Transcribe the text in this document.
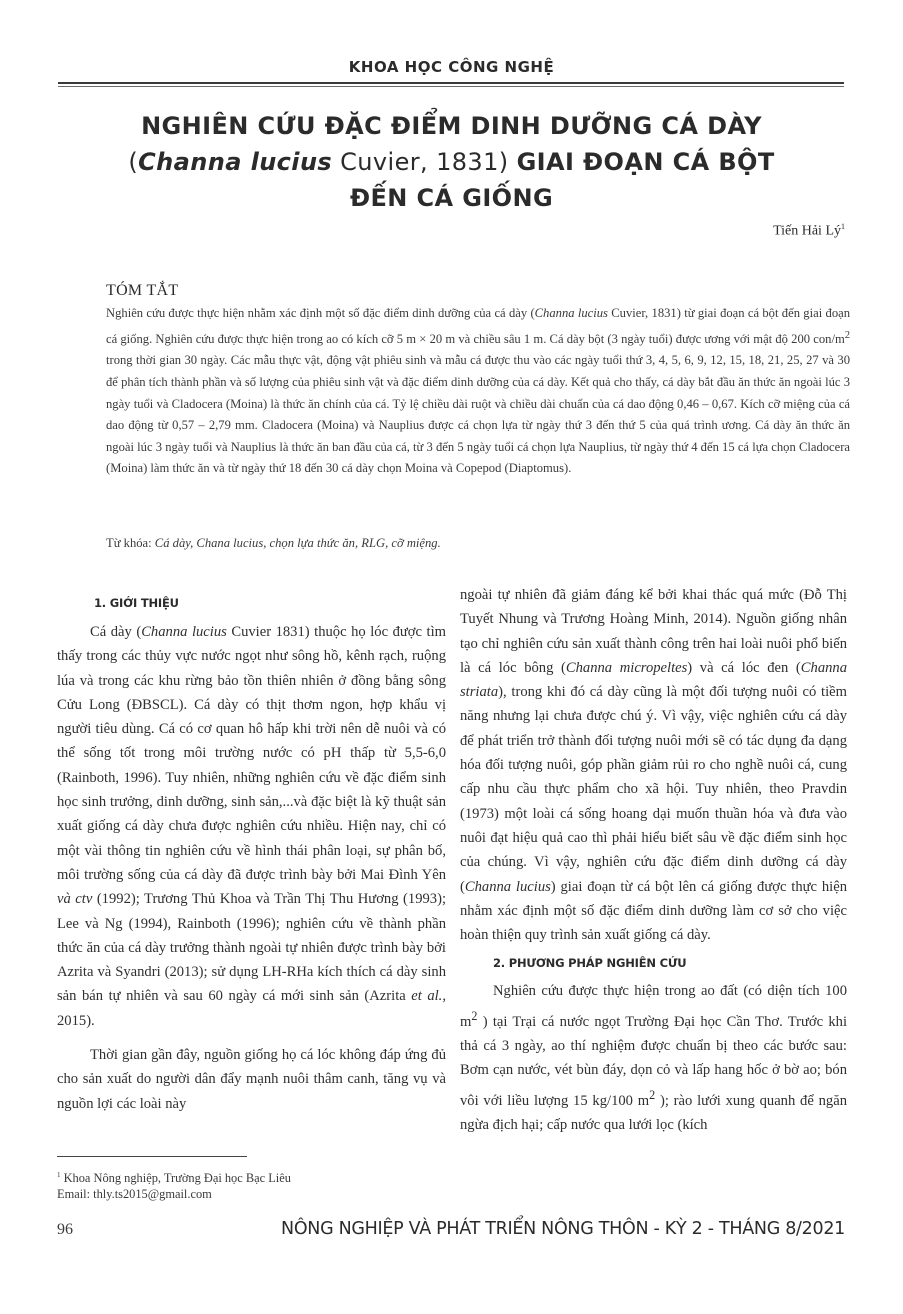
KHOA HỌC CÔNG NGHỆ
NGHIÊN CỨU ĐẶC ĐIỂM DINH DƯỠNG CÁ DÀY
(Channa lucius Cuvier, 1831) GIAI ĐOẠN CÁ BỘT
ĐẾN CÁ GIỐNG
Tiến Hải $Lý^1$
TÓM TẮT
Nghiên cứu được thực hiện nhằm xác định một số đặc điểm dinh dưỡng của cá dày (Channa lucius Cuvier, 1831) từ giai đoạn cá bột đến giai đoạn cá giống. Nghiên cứu được thực hiện trong ao có kích cỡ 5 m × 20 m và chiều sâu 1 m. Cá dày bột (3 ngày tuổi) được ương với mật độ 200 con/$m^2$ trong thời gian 30 ngày. Các mẫu thực vật, động vật phiêu sinh và mẫu cá được thu vào các ngày tuổi thứ 3, 4, 5, 6, 9, 12, 15, 18, 21, 25, 27 và 30 để phân tích thành phần và số lượng của phiêu sinh vật và đặc điểm dinh dưỡng của cá dày. Kết quả cho thấy, cá dày bắt đầu ăn thức ăn ngoài lúc 3 ngày tuổi và Cladocera (Moina) là thức ăn chính của cá. Tỷ lệ chiều dài ruột và chiều dài chuẩn của cá dao động 0,46 – 0,67. Kích cỡ miệng của cá dao động từ 0,57 – 2,79 mm. Cladocera (Moina) và Nauplius được cá chọn lựa từ ngày thứ 3 đến thứ 5 của quá trình ương. Cá dày ăn thức ăn ngoài lúc 3 ngày tuổi và Nauplius là thức ăn ban đầu của cá, từ 3 đến 5 ngày tuổi cá chọn lựa Nauplius, từ ngày thứ 4 đến 15 cá lựa chọn Cladocera (Moina) làm thức ăn và từ ngày thứ 18 đến 30 cá dày chọn Moina và Copepod (Diaptomus).
Từ khóa: Cá dày, Chana lucius, chọn lựa thức ăn, RLG, cỡ miệng.
1. GIỚI THIỆU

Cá dày (Channa lucius Cuvier 1831) thuộc họ lóc được tìm thấy trong các thủy vực nước ngọt như sông hồ, kênh rạch, ruộng lúa và trong các khu rừng bảo tồn thiên nhiên ở đồng bằng sông Cửu Long (ĐBSCL). Cá dày có thịt thơm ngon, hợp khẩu vị người tiêu dùng. Cá có cơ quan hô hấp khi trời nên dễ nuôi và có thể sống tốt trong môi trường nước có pH thấp từ 5,5-6,0 (Rainboth, 1996). Tuy nhiên, những nghiên cứu về đặc điểm sinh học sinh trưởng, dinh dưỡng, sinh sản,...và đặc biệt là kỹ thuật sản xuất giống cá dày chưa được nghiên cứu nhiều. Hiện nay, chỉ có một vài thông tin nghiên cứu về hình thái phân loại, sự phân bố, môi trường sống của cá dày đã được trình bày bởi Mai Đình Yên và ctv (1992); Trương Thủ Khoa và Trần Thị Thu Hương (1993); Lee và Ng (1994), Rainboth (1996); nghiên cứu về thành phần thức ăn của cá dày trưởng thành ngoài tự nhiên được trình bày bởi Azrita và Syandri (2013); sử dụng LH-RHa kích thích cá dày sinh sản bán tự nhiên và sau 60 ngày cá mới sinh sản (Azrita et al., 2015).

Thời gian gần đây, nguồn giống họ cá lóc không đáp ứng đủ cho sản xuất do người dân đẩy mạnh nuôi thâm canh, tăng vụ và nguồn lợi các loài này

ngoài tự nhiên đã giảm đáng kể bởi khai thác quá mức (Đỗ Thị Tuyết Nhung và Trương Hoàng Minh, 2014). Nguồn giống nhân tạo chỉ nghiên cứu sản xuất thành công trên hai loài nuôi phổ biến là cá lóc bông (Channa micropeltes) và cá lóc đen (Channa striata), trong khi đó cá dày cũng là một đối tượng nuôi có tiềm năng nhưng lại chưa được chú ý. Vì vậy, việc nghiên cứu cá dày để phát triển trở thành đối tượng nuôi mới sẽ có tác dụng đa dạng hóa đối tượng nuôi, góp phần giảm rủi ro cho nghề nuôi cá, cung cấp nhu cầu thực phẩm cho xã hội. Tuy nhiên, theo Pravdin (1973) một loài cá sống hoang dại muốn thuần hóa và đưa vào nuôi đạt hiệu quả cao thì phải hiểu biết sâu về đặc điểm sinh học của chúng. Vì vậy, nghiên cứu đặc điểm dinh dưỡng cá dày (Channa lucius) giai đoạn từ cá bột lên cá giống được thực hiện nhằm xác định một số đặc điểm dinh dưỡng làm cơ sở cho việc hoàn thiện quy trình sản xuất giống cá dày.

2. PHƯƠNG PHÁP NGHIÊN CỨU

Nghiên cứu được thực hiện trong ao đất (có diện tích 100 $m^2$ ) tại Trại cá nước ngọt Trường Đại học Cần Thơ. Trước khi thả cá 3 ngày, ao thí nghiệm được chuẩn bị theo các bước sau: Bơm cạn nước, vét bùn đáy, dọn cỏ và lấp hang hốc ở bờ ao; bón vôi với liều lượng 15 kg/100 $m^2$ ); rào lưới xung quanh để ngăn ngừa địch hại; cấp nước qua lưới lọc (kích

$^1$ Khoa Nông nghiệp, Trường Đại học Bạc Liêu
Email: thly.ts2015@gmail.com
96	NÔNG NGHIỆP VÀ PHÁT TRIỂN NÔNG THÔN - KỲ 2 - THÁNG 8/2021
